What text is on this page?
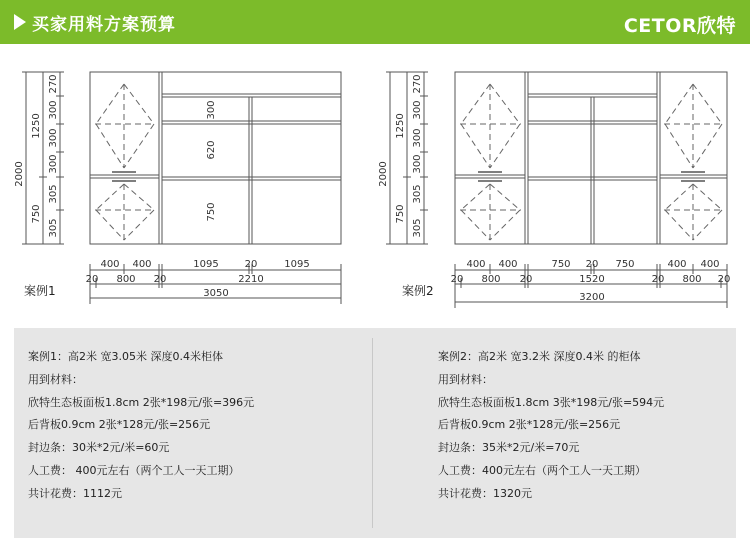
买家用料方案预算	CETOR欣特
2000
1250
750
270
300
300
300
305
305
300
620
750
400 400	1095	20	1095
20 800 20	2210
3050
2000
1250
750
270
300
300
300
305
305
400 400	750 20 750	400 400
20 800 20	1520	20 800 20
3200
案例1	案例2
案例1：高2米 宽3.05米 深度0.4米柜体
用到材料：
欣特生态板面板1.8cm 2张*198元/张=396元
后背板0.9cm 2张*128元/张=256元
封边条：30米*2元/米=60元
人工费： 400元左右（两个工人一天工期）
共计花费：1112元
案例2：高2米 宽3.2米 深度0.4米 的柜体
用到材料：
欣特生态板面板1.8cm 3张*198元/张=594元
后背板0.9cm 2张*128元/张=256元
封边条：35米*2元/米=70元
人工费：400元左右（两个工人一天工期）
共计花费：1320元
